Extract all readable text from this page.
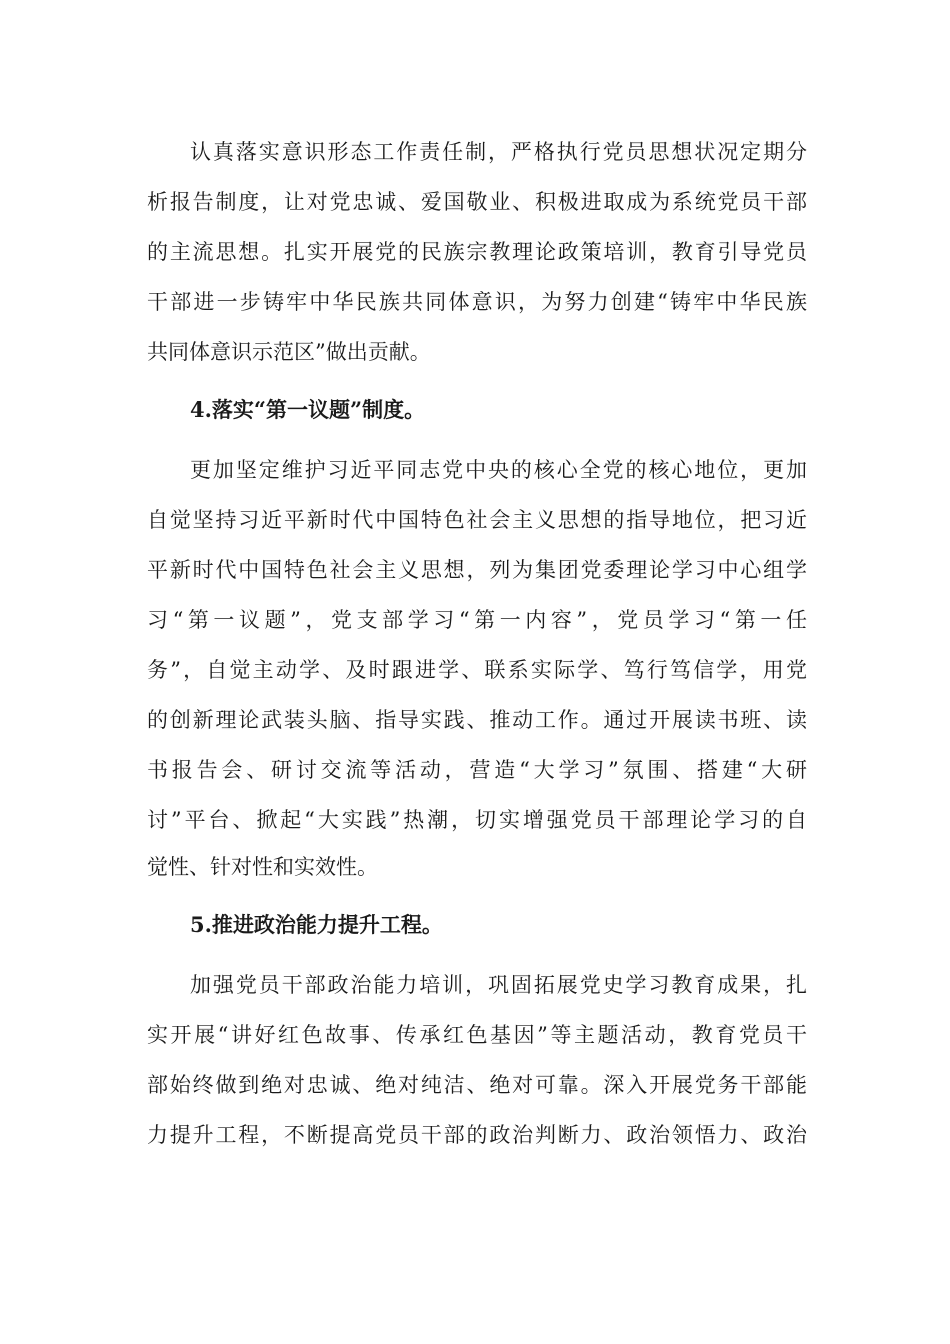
认真落实意识形态工作责任制，严格执行党员思想状况定期分

析报告制度，让对党忠诚、爱国敬业、积极进取成为系统党员干部

的主流思想。扎实开展党的民族宗教理论政策培训，教育引导党员

干部进一步铸牢中华民族共同体意识，为努力创建“铸牢中华民族

共同体意识示范区”做出贡献。

4.落实“第一议题”制度。

更加坚定维护习近平同志党中央的核心全党的核心地位，更加

自觉坚持习近平新时代中国特色社会主义思想的指导地位，把习近

平新时代中国特色社会主义思想，列为集团党委理论学习中心组学

习“第一议题”，党支部学习“第一内容”，党员学习“第一任

务”，自觉主动学、及时跟进学、联系实际学、笃行笃信学，用党

的创新理论武装头脑、指导实践、推动工作。通过开展读书班、读

书报告会、研讨交流等活动，营造“大学习”氛围、搭建“大研

讨”平台、掀起“大实践”热潮，切实增强党员干部理论学习的自

觉性、针对性和实效性。

5.推进政治能力提升工程。

加强党员干部政治能力培训，巩固拓展党史学习教育成果，扎

实开展“讲好红色故事、传承红色基因”等主题活动，教育党员干

部始终做到绝对忠诚、绝对纯洁、绝对可靠。深入开展党务干部能

力提升工程，不断提高党员干部的政治判断力、政治领悟力、政治
